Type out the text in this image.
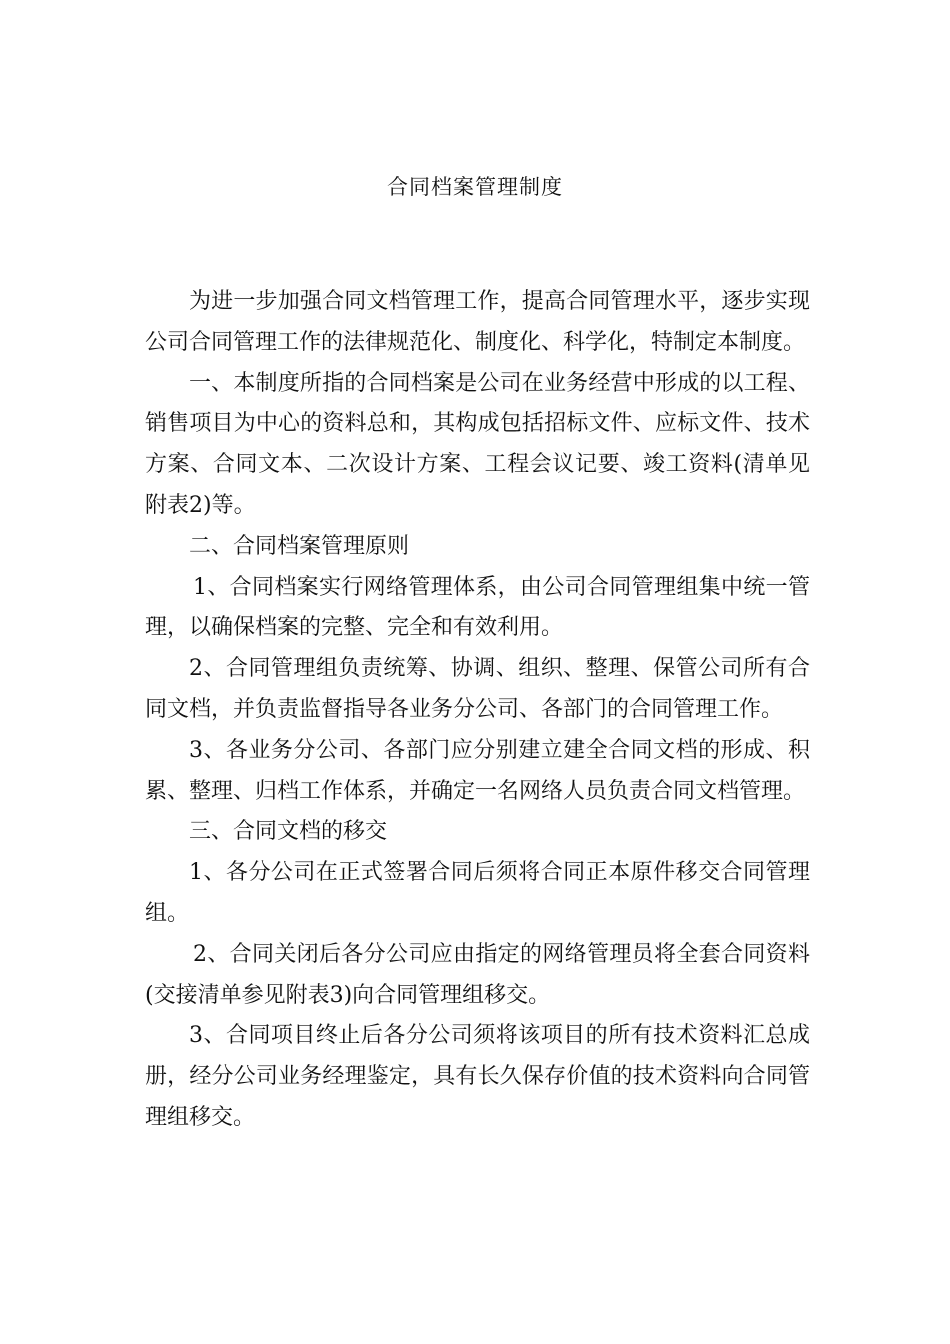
合同档案管理制度

为进一步加强合同文档管理工作，提高合同管理水平，逐步实现公司合同管理工作的法律规范化、制度化、科学化，特制定本制度。

一、本制度所指的合同档案是公司在业务经营中形成的以工程、销售项目为中心的资料总和，其构成包括招标文件、应标文件、技术方案、合同文本、二次设计方案、工程会议记要、竣工资料(清单见附表2)等。

二、合同档案管理原则

1、合同档案实行网络管理体系，由公司合同管理组集中统一管理，以确保档案的完整、完全和有效利用。

2、合同管理组负责统筹、协调、组织、整理、保管公司所有合同文档，并负责监督指导各业务分公司、各部门的合同管理工作。

3、各业务分公司、各部门应分别建立建全合同文档的形成、积累、整理、归档工作体系，并确定一名网络人员负责合同文档管理。

三、合同文档的移交

1、各分公司在正式签署合同后须将合同正本原件移交合同管理组。

2、合同关闭后各分公司应由指定的网络管理员将全套合同资料(交接清单参见附表3)向合同管理组移交。

3、合同项目终止后各分公司须将该项目的所有技术资料汇总成册，经分公司业务经理鉴定，具有长久保存价值的技术资料向合同管理组移交。
